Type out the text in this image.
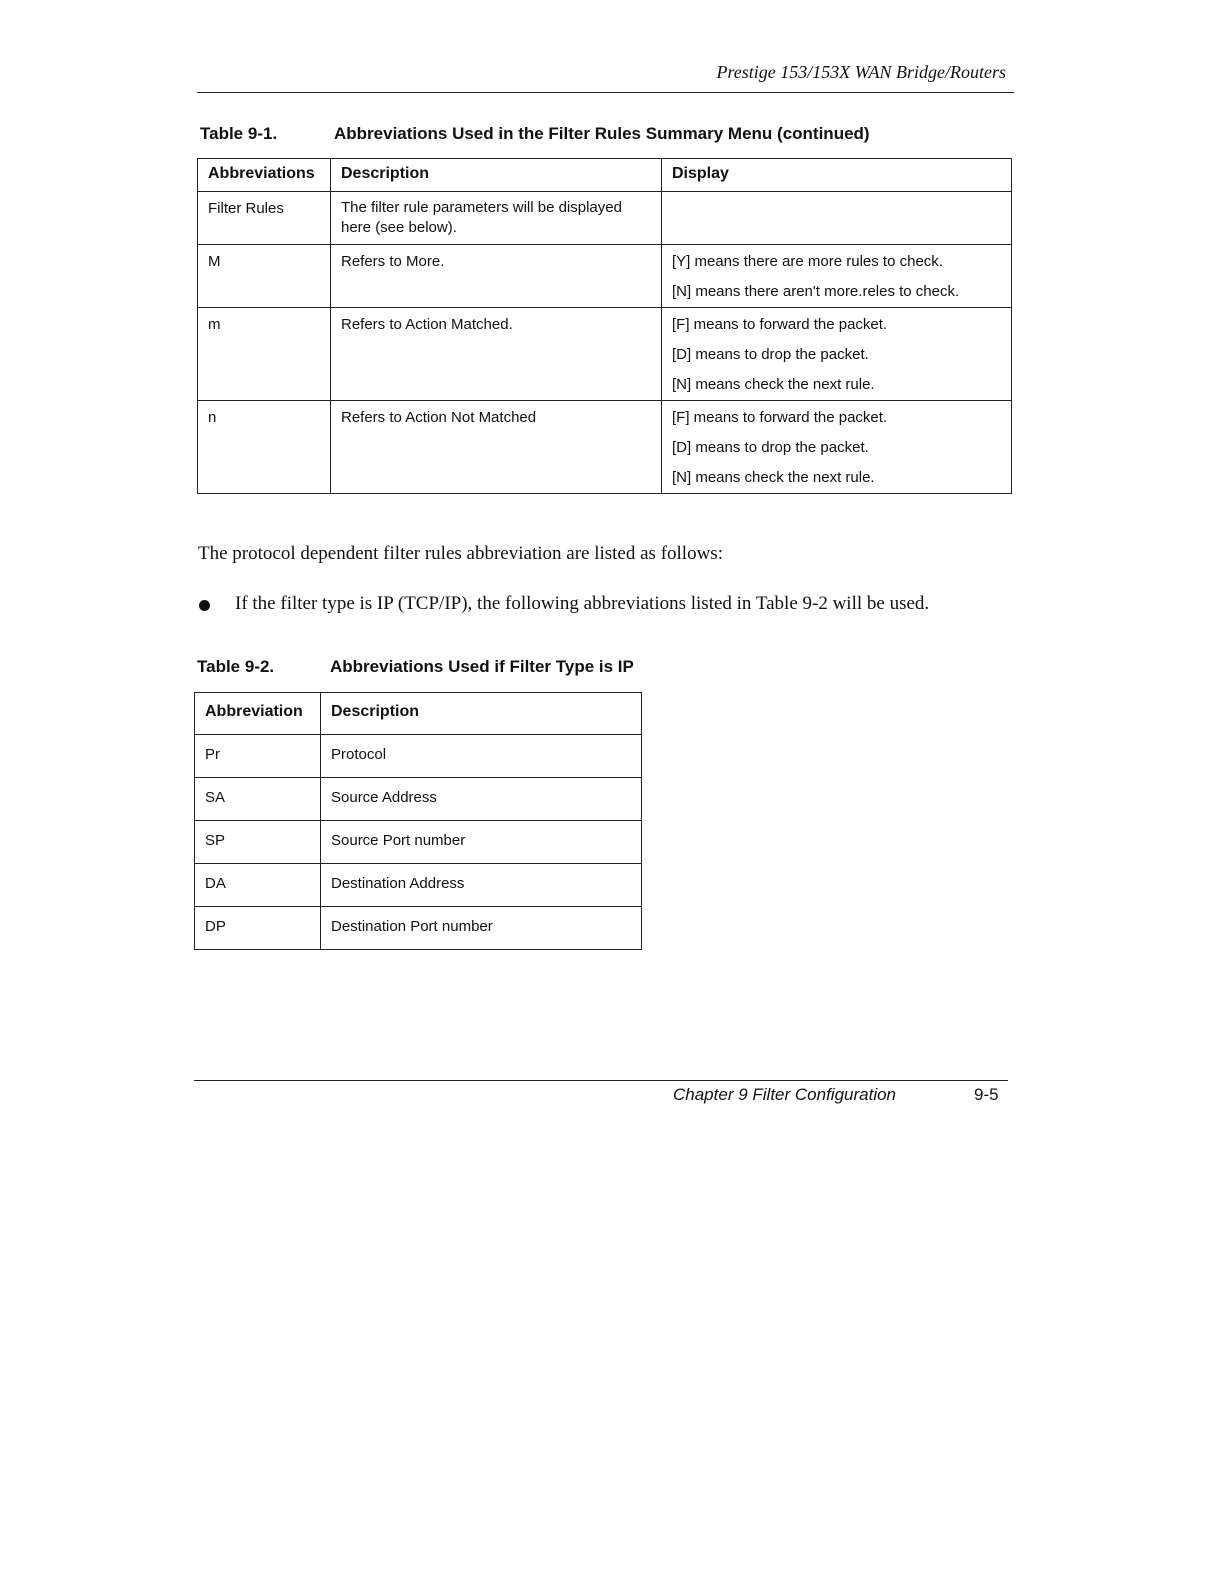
Prestige 153/153X WAN Bridge/Routers
Table 9-1.	Abbreviations Used in the Filter Rules Summary Menu (continued)
Abbreviations	Description	Display
Filter Rules	The filter rule parameters will be displayed here (see below).	
M	Refers to More.	[Y] means there are more rules to check.
[N] means there aren't more.reles to check.

m	Refers to Action Matched.	[F] means to forward the packet.
[D] means to drop the packet.
[N] means check the next rule.

n	Refers to Action Not Matched	[F] means to forward the packet.
[D] means to drop the packet.
[N] means check the next rule.
The protocol dependent filter rules abbreviation are listed as follows:
If the filter type is IP (TCP/IP), the following abbreviations listed in Table 9-2 will be used.
Table 9-2.	Abbreviations Used if Filter Type is IP
Abbreviation	Description
Pr	Protocol
SA	Source Address
SP	Source Port number
DA	Destination Address
DP	Destination Port number
Chapter 9 Filter Configuration	9-5
